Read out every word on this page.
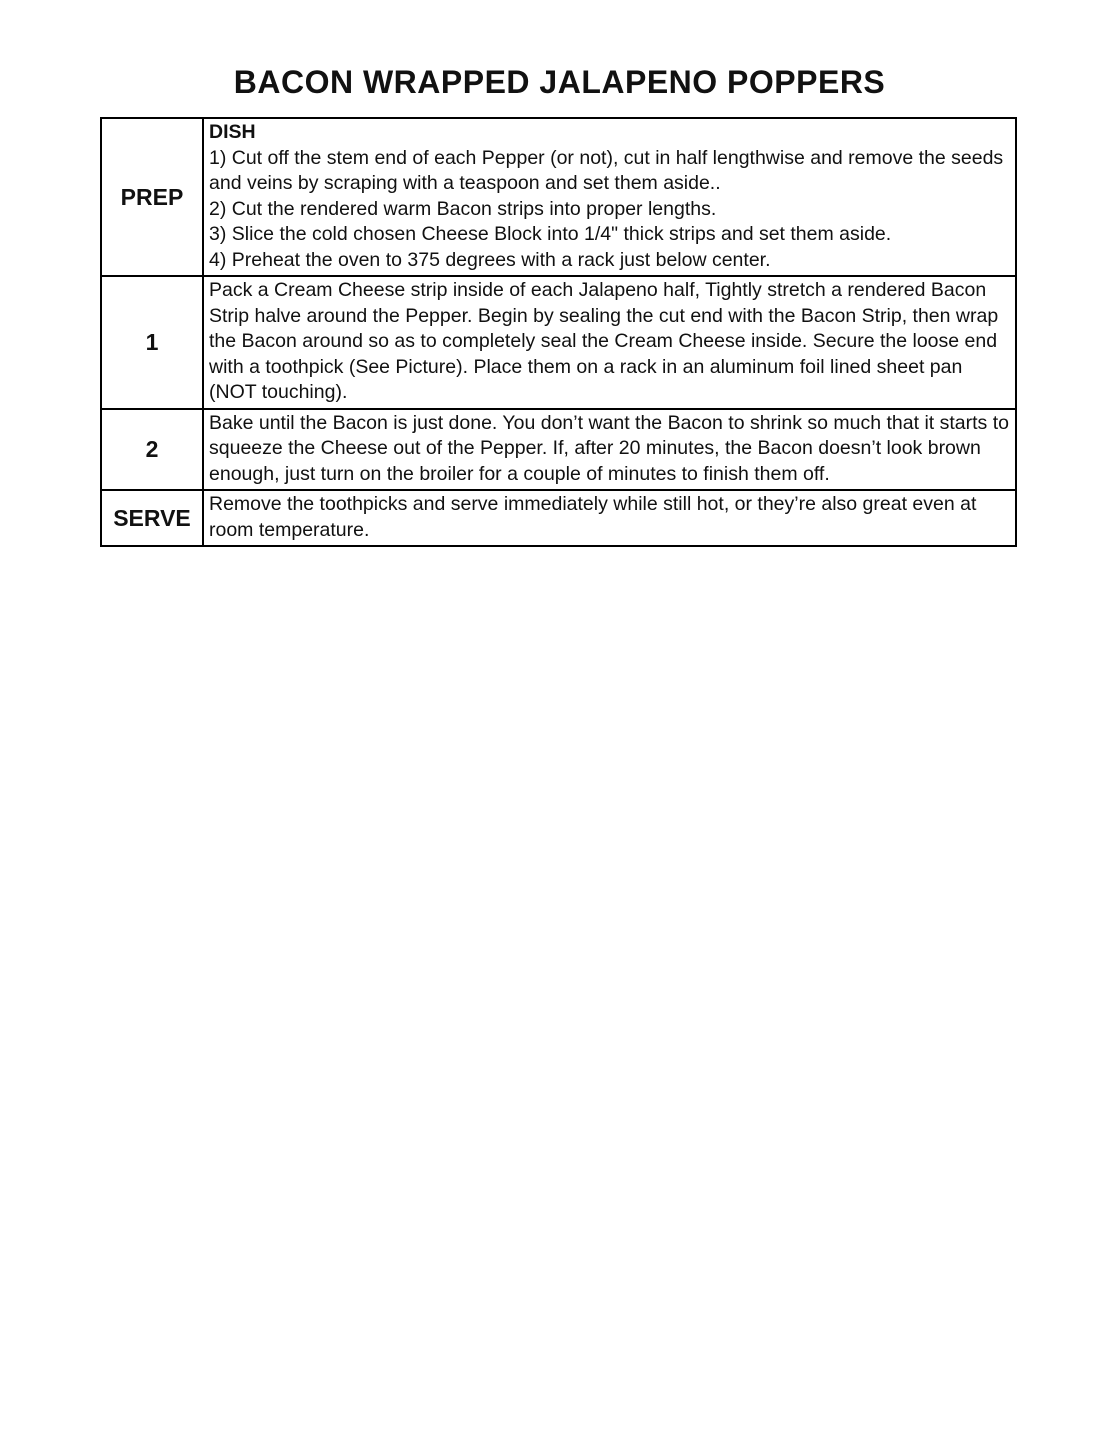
BACON WRAPPED JALAPENO POPPERS
PREP	DISH
1) Cut off the stem end of each Pepper (or not), cut in half lengthwise and remove the seeds and veins by scraping with a teaspoon and set them aside..
2) Cut the rendered warm Bacon strips into proper lengths.
3) Slice the cold chosen Cheese Block into 1/4" thick strips and set them aside.
4) Preheat the oven to 375 degrees with a rack just below center.

1	Pack a Cream Cheese strip inside of each Jalapeno half, Tightly stretch a rendered Bacon Strip halve around the Pepper. Begin by sealing the cut end with the Bacon Strip, then wrap the Bacon around so as to completely seal the Cream Cheese inside. Secure the loose end with a toothpick (See Picture). Place them on a rack in an aluminum foil lined sheet pan (NOT touching).
2	Bake until the Bacon is just done. You don’t want the Bacon to shrink so much that it starts to squeeze the Cheese out of the Pepper. If, after 20 minutes, the Bacon doesn’t look brown enough, just turn on the broiler for a couple of minutes to finish them off.
SERVE	Remove the toothpicks and serve immediately while still hot, or they’re also great even at room temperature.
